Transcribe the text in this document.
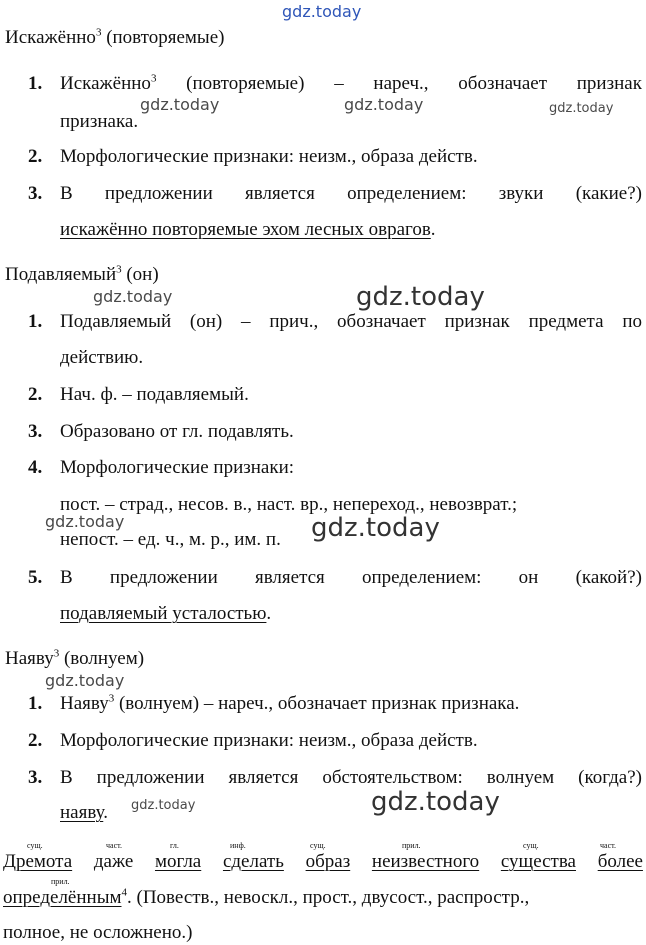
gdz.today
gdz.today	gdz.today	gdz.today
gdz.today	gdz.today
gdz.today	gdz.today
gdz.today
gdz.today	gdz.today
Искажённо$^3$ (повторяемые)
1. Искажённо$^3$ (повторяемые) – нареч., обозначает признак
признака.
2. Морфологические признаки: неизм., образа действ.
3. В предложении является определением: звуки (какие?)
искажённо повторяемые эхом лесных оврагов.
Подавляемый$^3$ (он)
1. Подавляемый (он) – прич., обозначает признак предмета по
действию.
2. Нач. ф. – подавляемый.
3. Образовано от гл. подавлять.
4. Морфологические признаки:
пост. – страд., несов. в., наст. вр., непереход., невозврат.;
непост. – ед. ч., м. р., им. п.
5. В предложении является определением: он (какой?)
подавляемый усталостью.
Наяву$^3$ (волнуем)
1. Наяву$^3$ (волнуем) – нареч., обозначает признак признака.
2. Морфологические признаки: неизм., образа действ.
3. В предложении является обстоятельством: волнуем (когда?)
наяву.
сущ.	част.	гл.	инф.	сущ.	прил.	сущ.	част.
Дремота даже могла сделать образ неизвестного существа более
прил.
определённым$^4$. (Повеств., невоскл., прост., двусост., распростр.,
полное, не осложнено.)
